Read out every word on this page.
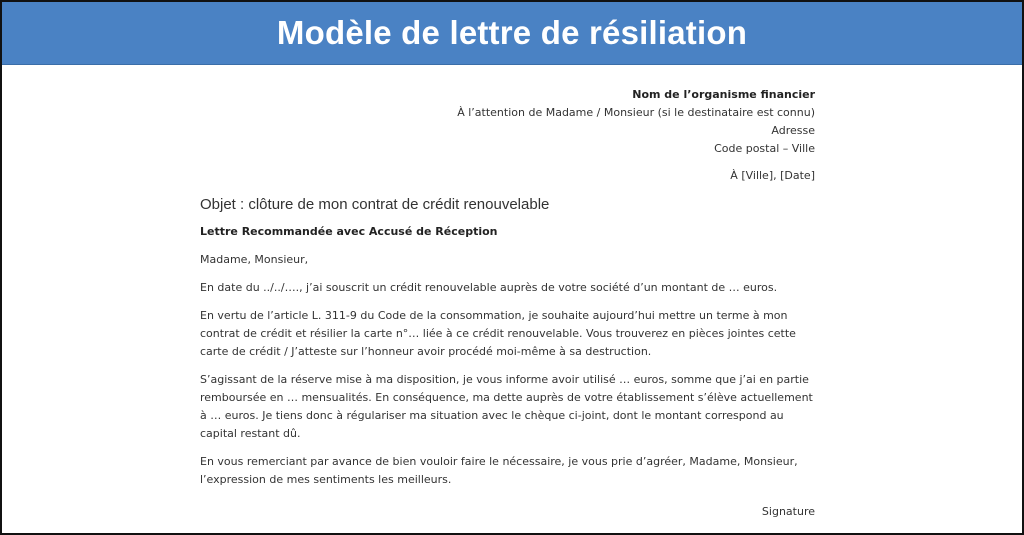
Modèle de lettre de résiliation
Nom de l’organisme financier
À l’attention de Madame / Monsieur (si le destinataire est connu)
Adresse
Code postal – Ville
À [Ville], [Date]
Objet : clôture de mon contrat de crédit renouvelable
Lettre Recommandée avec Accusé de Réception
Madame, Monsieur,
En date du ../../…., j’ai souscrit un crédit renouvelable auprès de votre société d’un montant de … euros.
En vertu de l’article L. 311-9 du Code de la consommation, je souhaite aujourd’hui mettre un terme à mon contrat de crédit et résilier la carte n°… liée à ce crédit renouvelable. Vous trouverez en pièces jointes cette carte de crédit / J’atteste sur l’honneur avoir procédé moi-même à sa destruction.
S’agissant de la réserve mise à ma disposition, je vous informe avoir utilisé … euros, somme que j’ai en partie remboursée en … mensualités. En conséquence, ma dette auprès de votre établissement s’élève actuellement à … euros. Je tiens donc à régulariser ma situation avec le chèque ci-joint, dont le montant correspond au capital restant dû.
En vous remerciant par avance de bien vouloir faire le nécessaire, je vous prie d’agréer, Madame, Monsieur, l’expression de mes sentiments les meilleurs.
Signature
